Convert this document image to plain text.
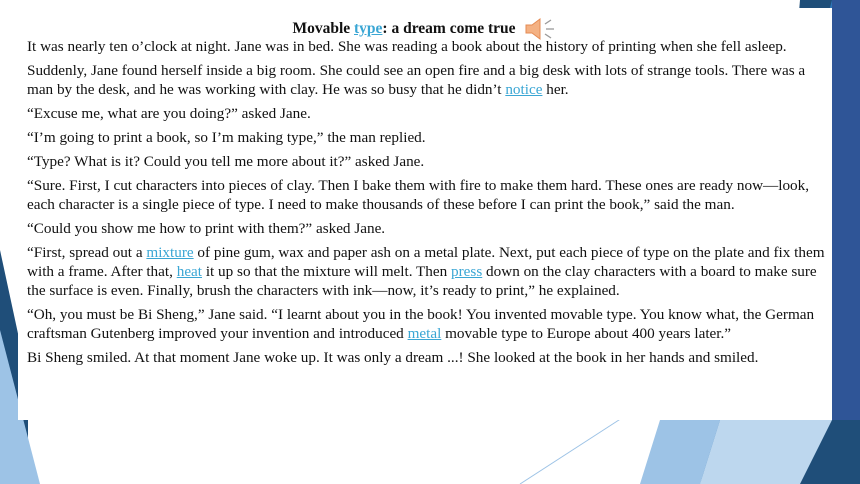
Movable type: a dream come true

It was nearly ten o’clock at night. Jane was in bed. She was reading a book about the history of printing when she fell asleep.

Suddenly, Jane found herself inside a big room. She could see an open fire and a big desk with lots of strange tools. There was a man by the desk, and he was working with clay. He was so busy that he didn’t notice her.

“Excuse me, what are you doing?” asked Jane.

“I’m going to print a book, so I’m making type,” the man replied.

“Type? What is it? Could you tell me more about it?” asked Jane.

“Sure. First, I cut characters into pieces of clay. Then I bake them with fire to make them hard. These ones are ready now—look, each character is a single piece of type. I need to make thousands of these before I can print the book,” said the man.

“Could you show me how to print with them?” asked Jane.

“First, spread out a mixture of pine gum, wax and paper ash on a metal plate. Next, put each piece of type on the plate and fix them with a frame. After that, heat it up so that the mixture will melt. Then press down on the clay characters with a board to make sure the surface is even. Finally, brush the characters with ink—now, it’s ready to print,” he explained.

“Oh, you must be Bi Sheng,” Jane said. “I learnt about you in the book! You invented movable type. You know what, the German craftsman Gutenberg improved your invention and introduced metal movable type to Europe about 400 years later.”

Bi Sheng smiled. At that moment Jane woke up. It was only a dream ...! She looked at the book in her hands and smiled.
